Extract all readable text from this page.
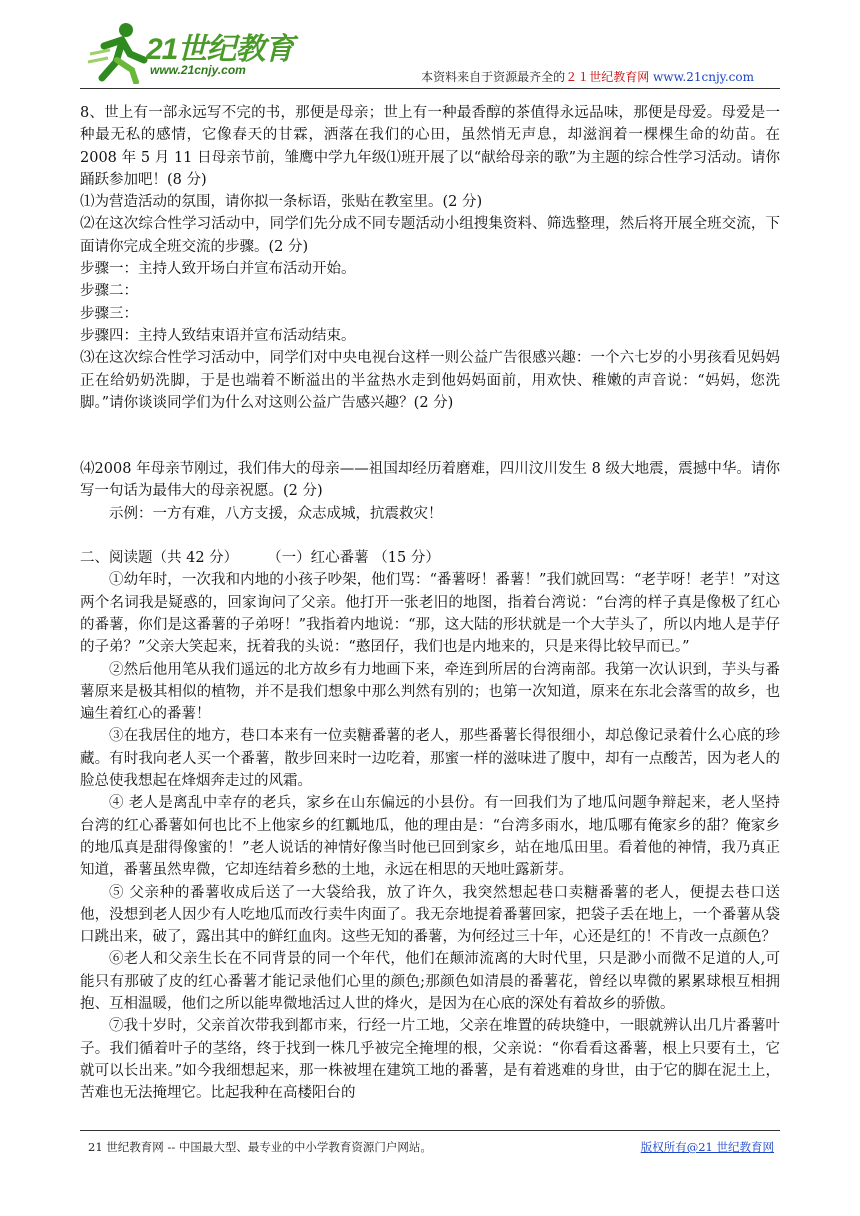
21世纪教育
www.21cnjy.com	本资料来自于资源最齐全的２１世纪教育网 www.21cnjy.com

8、世上有一部永远写不完的书，那便是母亲；世上有一种最香醇的茶值得永远品味，那便是母爱。母爱是一种最无私的感情，它像春天的甘霖，洒落在我们的心田，虽然悄无声息，却滋润着一棵棵生命的幼苗。在 2008 年 5 月 11 日母亲节前，雏鹰中学九年级⑴班开展了以“献给母亲的歌”为主题的综合性学习活动。请你踊跃参加吧！(8 分)

⑴为营造活动的氛围，请你拟一条标语，张贴在教室里。(2 分)

⑵在这次综合性学习活动中，同学们先分成不同专题活动小组搜集资料、筛选整理，然后将开展全班交流，下面请你完成全班交流的步骤。(2 分)

步骤一：主持人致开场白并宣布活动开始。

步骤二：

步骤三：

步骤四：主持人致结束语并宣布活动结束。

⑶在这次综合性学习活动中，同学们对中央电视台这样一则公益广告很感兴趣：一个六七岁的小男孩看见妈妈正在给奶奶洗脚，于是也端着不断溢出的半盆热水走到他妈妈面前，用欢快、稚嫩的声音说：“妈妈，您洗脚。”请你谈谈同学们为什么对这则公益广告感兴趣？(2 分)

⑷2008 年母亲节刚过，我们伟大的母亲——祖国却经历着磨难，四川汶川发生 8 级大地震，震撼中华。请你写一句话为最伟大的母亲祝愿。(2 分)

示例：一方有难，八方支援，众志成城，抗震救灾！

二、阅读题（共 42 分）　　　（一）红心番薯 （15 分）

①幼年时，一次我和内地的小孩子吵架，他们骂：“番薯呀！番薯！”我们就回骂：“老芋呀！老芋！”对这两个名词我是疑惑的，回家询问了父亲。他打开一张老旧的地图，指着台湾说：“台湾的样子真是像极了红心的番薯，你们是这番薯的子弟呀！”我指着内地说：“那，这大陆的形状就是一个大芋头了，所以内地人是芋仔的子弟？”父亲大笑起来，抚着我的头说：“憨囝仔，我们也是内地来的，只是来得比较早而已。”

②然后他用笔从我们遥远的北方故乡有力地画下来，牵连到所居的台湾南部。我第一次认识到，芋头与番薯原来是极其相似的植物，并不是我们想象中那么判然有别的；也第一次知道，原来在东北会落雪的故乡，也遍生着红心的番薯！

③在我居住的地方，巷口本来有一位卖糖番薯的老人，那些番薯长得很细小，却总像记录着什么心底的珍藏。有时我向老人买一个番薯，散步回来时一边吃着，那蜜一样的滋味进了腹中，却有一点酸苦，因为老人的脸总使我想起在烽烟奔走过的风霜。

④ 老人是离乱中幸存的老兵，家乡在山东偏远的小县份。有一回我们为了地瓜问题争辩起来，老人坚持台湾的红心番薯如何也比不上他家乡的红瓤地瓜，他的理由是：“台湾多雨水，地瓜哪有俺家乡的甜？俺家乡的地瓜真是甜得像蜜的！”老人说话的神情好像当时他已回到家乡，站在地瓜田里。看着他的神情，我乃真正知道，番薯虽然卑微，它却连结着乡愁的土地，永远在相思的天地吐露新芽。

⑤ 父亲种的番薯收成后送了一大袋给我，放了许久，我突然想起巷口卖糖番薯的老人，便提去巷口送他，没想到老人因少有人吃地瓜而改行卖牛肉面了。我无奈地提着番薯回家，把袋子丢在地上，一个番薯从袋口跳出来，破了，露出其中的鲜红血肉。这些无知的番薯，为何经过三十年，心还是红的！不肯改一点颜色？

⑥老人和父亲生长在不同背景的同一个年代，他们在颠沛流离的大时代里，只是渺小而微不足道的人,可能只有那破了皮的红心番薯才能记录他们心里的颜色;那颜色如清晨的番薯花，曾经以卑微的累累球根互相拥抱、互相温暖，他们之所以能卑微地活过人世的烽火，是因为在心底的深处有着故乡的骄傲。

⑦我十岁时，父亲首次带我到都市来，行经一片工地，父亲在堆置的砖块缝中，一眼就辨认出几片番薯叶子。我们循着叶子的茎络，终于找到一株几乎被完全掩埋的根，父亲说：“你看看这番薯，根上只要有土，它就可以长出来。”如今我细想起来，那一株被埋在建筑工地的番薯，是有着逃难的身世，由于它的脚在泥土上，苦难也无法掩埋它。比起我种在高楼阳台的

21 世纪教育网 -- 中国最大型、最专业的中小学教育资源门户网站。	版权所有@21 世纪教育网
